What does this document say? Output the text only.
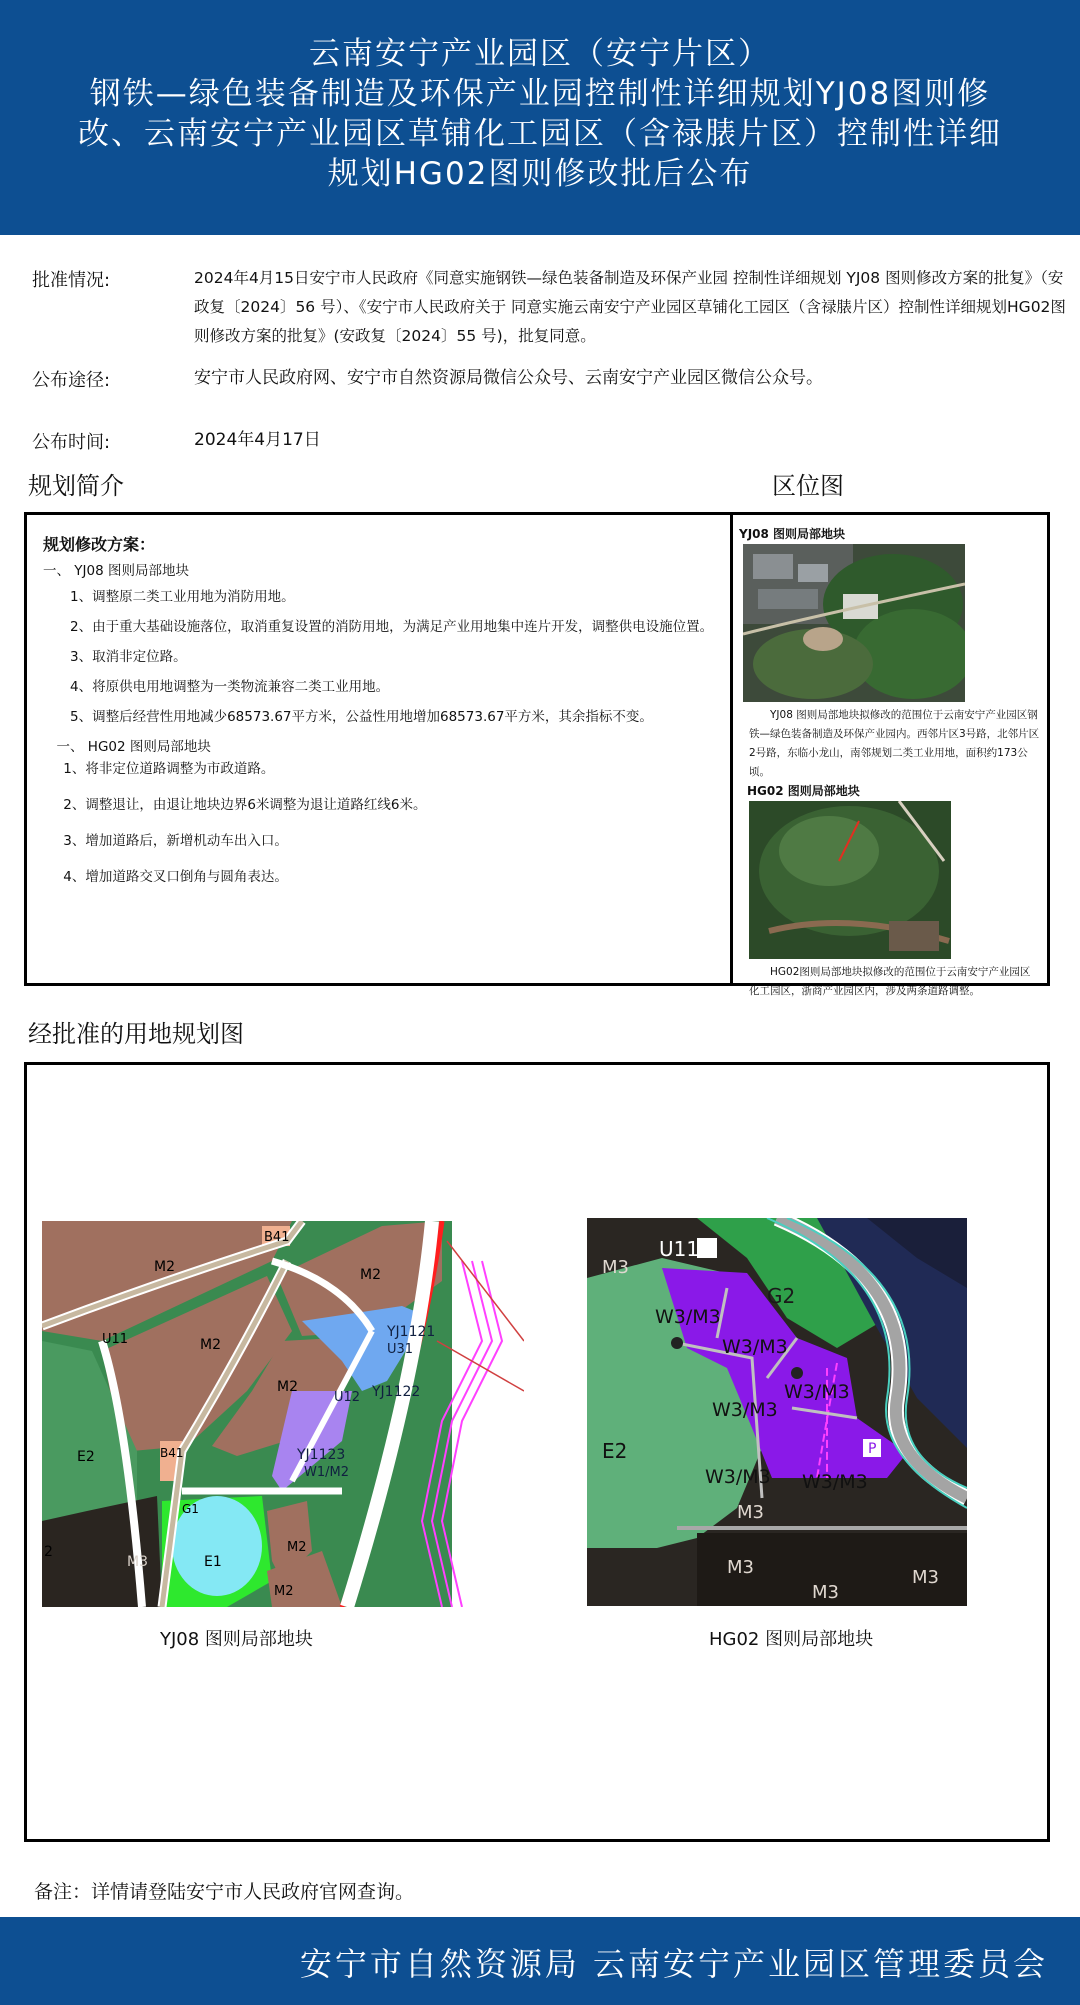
云南安宁产业园区（安宁片区）
钢铁—绿色装备制造及环保产业园控制性详细规划YJ08图则修
改、云南安宁产业园区草铺化工园区（含禄脿片区）控制性详细
规划HG02图则修改批后公布
批准情况:	2024年4月15日安宁市人民政府《同意实施钢铁—绿色装备制造及环保产业园 控制性详细规划 YJ08 图则修改方案的批复》（安政复〔2024〕56 号）、《安宁市人民政府关于 同意实施云南安宁产业园区草铺化工园区（含禄脿片区）控制性详细规划HG02图则修改方案的批复》(安政复〔2024〕55 号)，批复同意。
公布途径:	安宁市人民政府网、安宁市自然资源局微信公众号、云南安宁产业园区微信公众号。
公布时间:	2024年4月17日
规划简介	区位图
规划修改方案：

一、 YJ08 图则局部地块

1、调整原二类工业用地为消防用地。

2、由于重大基础设施落位，取消重复设置的消防用地，为满足产业用地集中连片开发，调整供电设施位置。

3、取消非定位路。

4、将原供电用地调整为一类物流兼容二类工业用地。

5、调整后经营性用地减少68573.67平方米，公益性用地增加68573.67平方米，其余指标不变。

一、 HG02 图则局部地块

1、将非定位道路调整为市政道路。

2、调整退让，由退让地块边界6米调整为退让道路红线6米。

3、增加道路后，新增机动车出入口。

4、增加道路交叉口倒角与圆角表达。

YJ08 图则局部地块
YJ08 图则局部地块拟修改的范围位于云南安宁产业园区钢铁—绿色装备制造及环保产业园内。西邻片区3号路，北邻片区2号路，东临小龙山，南邻规划二类工业用地，面积约173公顷。
HG02 图则局部地块
HG02图则局部地块拟修改的范围位于云南安宁产业园区化工园区，浙商产业园区内，涉及两条道路调整。
经批准的用地规划图
M2	M2
M2
M2
B41
B41
U11
E2
M3	E1
G1
M2
M2
YJ1121
U31
U12 YJ1122
YJ1123
W1/M2
2
P
M3
U11
G2
W3/M3
W3/M3
W3/M3
W3/M3
W3/M3 W3/M3
E2
M3
M3
M3
M3
YJ08 图则局部地块	HG02 图则局部地块
备注：详情请登陆安宁市人民政府官网查询。
安宁市自然资源局 云南安宁产业园区管理委员会
